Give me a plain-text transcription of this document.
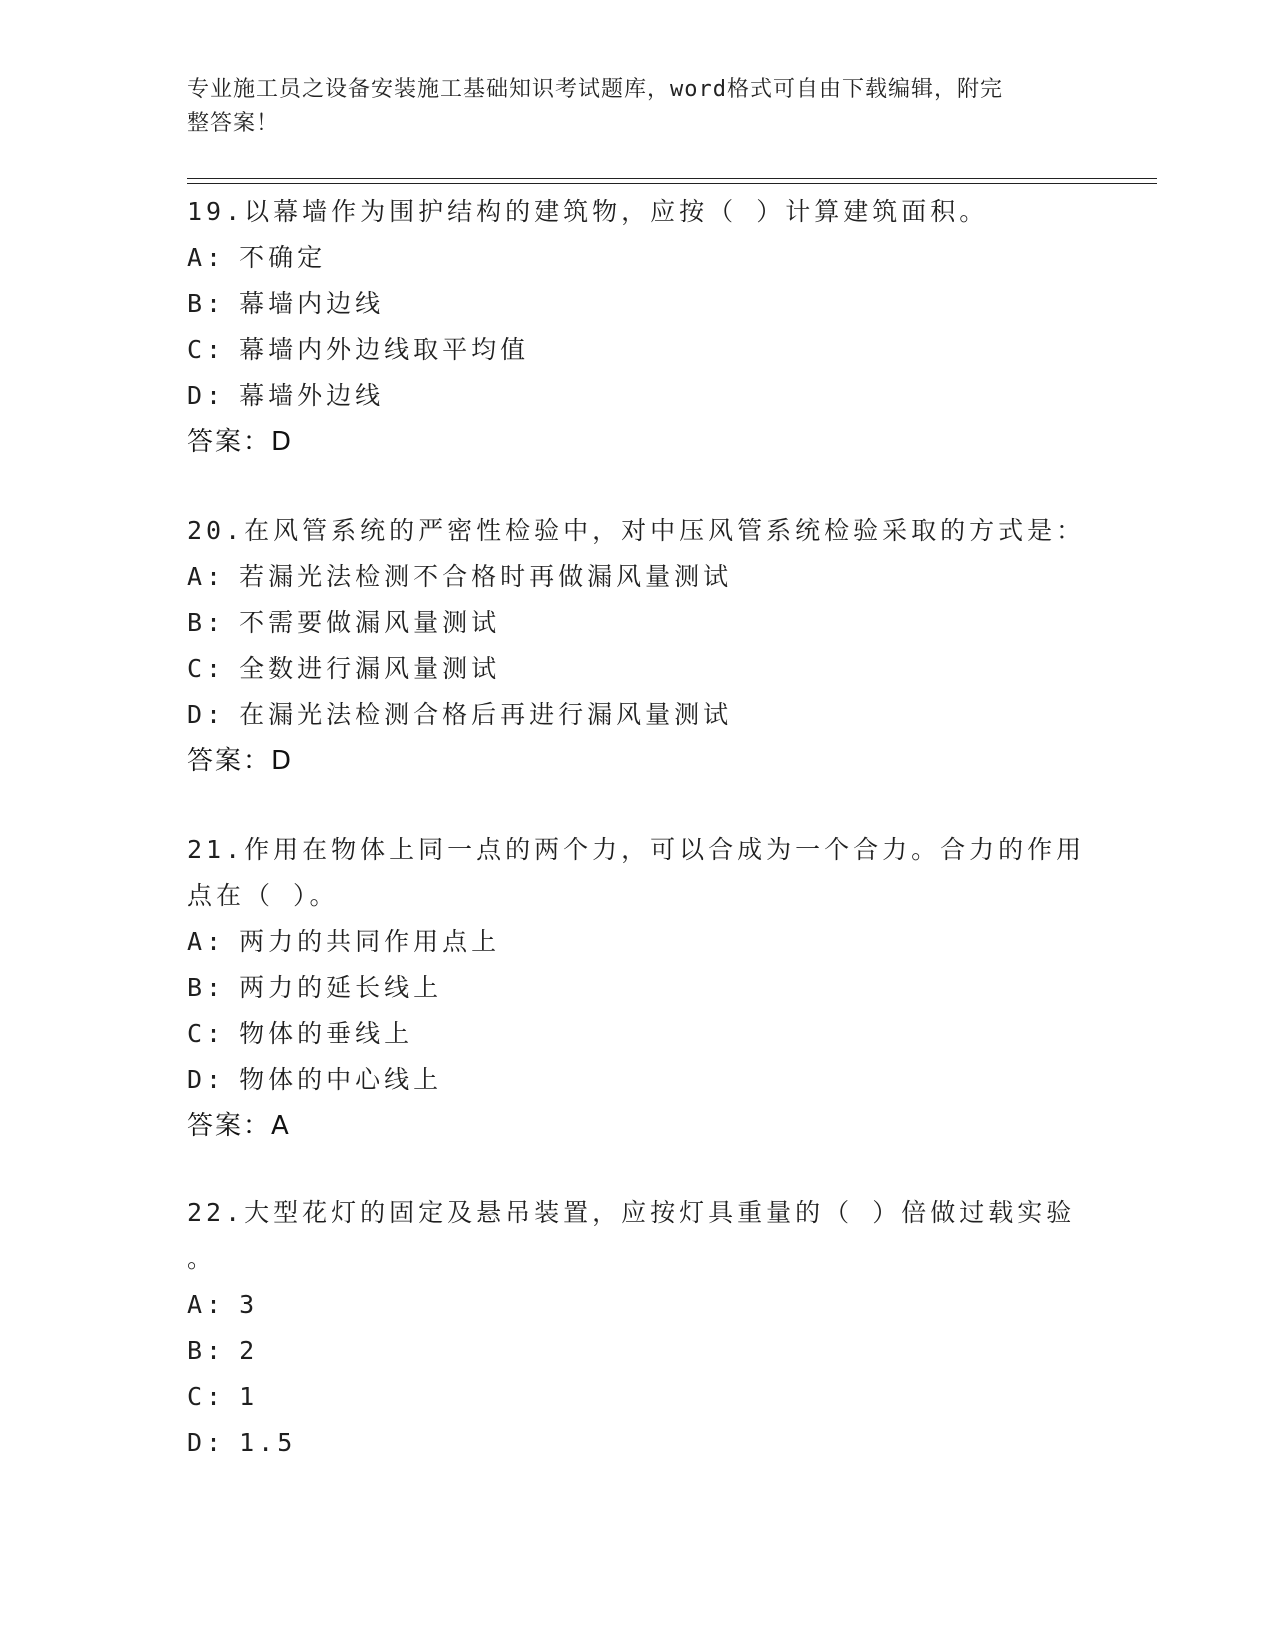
专业施工员之设备安装施工基础知识考试题库，word格式可自由下载编辑，附完
整答案！
19.以幕墙作为围护结构的建筑物，应按（ ）计算建筑面积。
A: 不确定
B: 幕墙内边线
C: 幕墙内外边线取平均值
D: 幕墙外边线
答案：D
20.在风管系统的严密性检验中，对中压风管系统检验采取的方式是：
A: 若漏光法检测不合格时再做漏风量测试
B: 不需要做漏风量测试
C: 全数进行漏风量测试
D: 在漏光法检测合格后再进行漏风量测试
答案：D
21.作用在物体上同一点的两个力，可以合成为一个合力。合力的作用
点在（ ）。
A: 两力的共同作用点上
B: 两力的延长线上
C: 物体的垂线上
D: 物体的中心线上
答案：A
22.大型花灯的固定及悬吊装置，应按灯具重量的（ ）倍做过载实验
。
A: 3
B: 2
C: 1
D: 1.5
